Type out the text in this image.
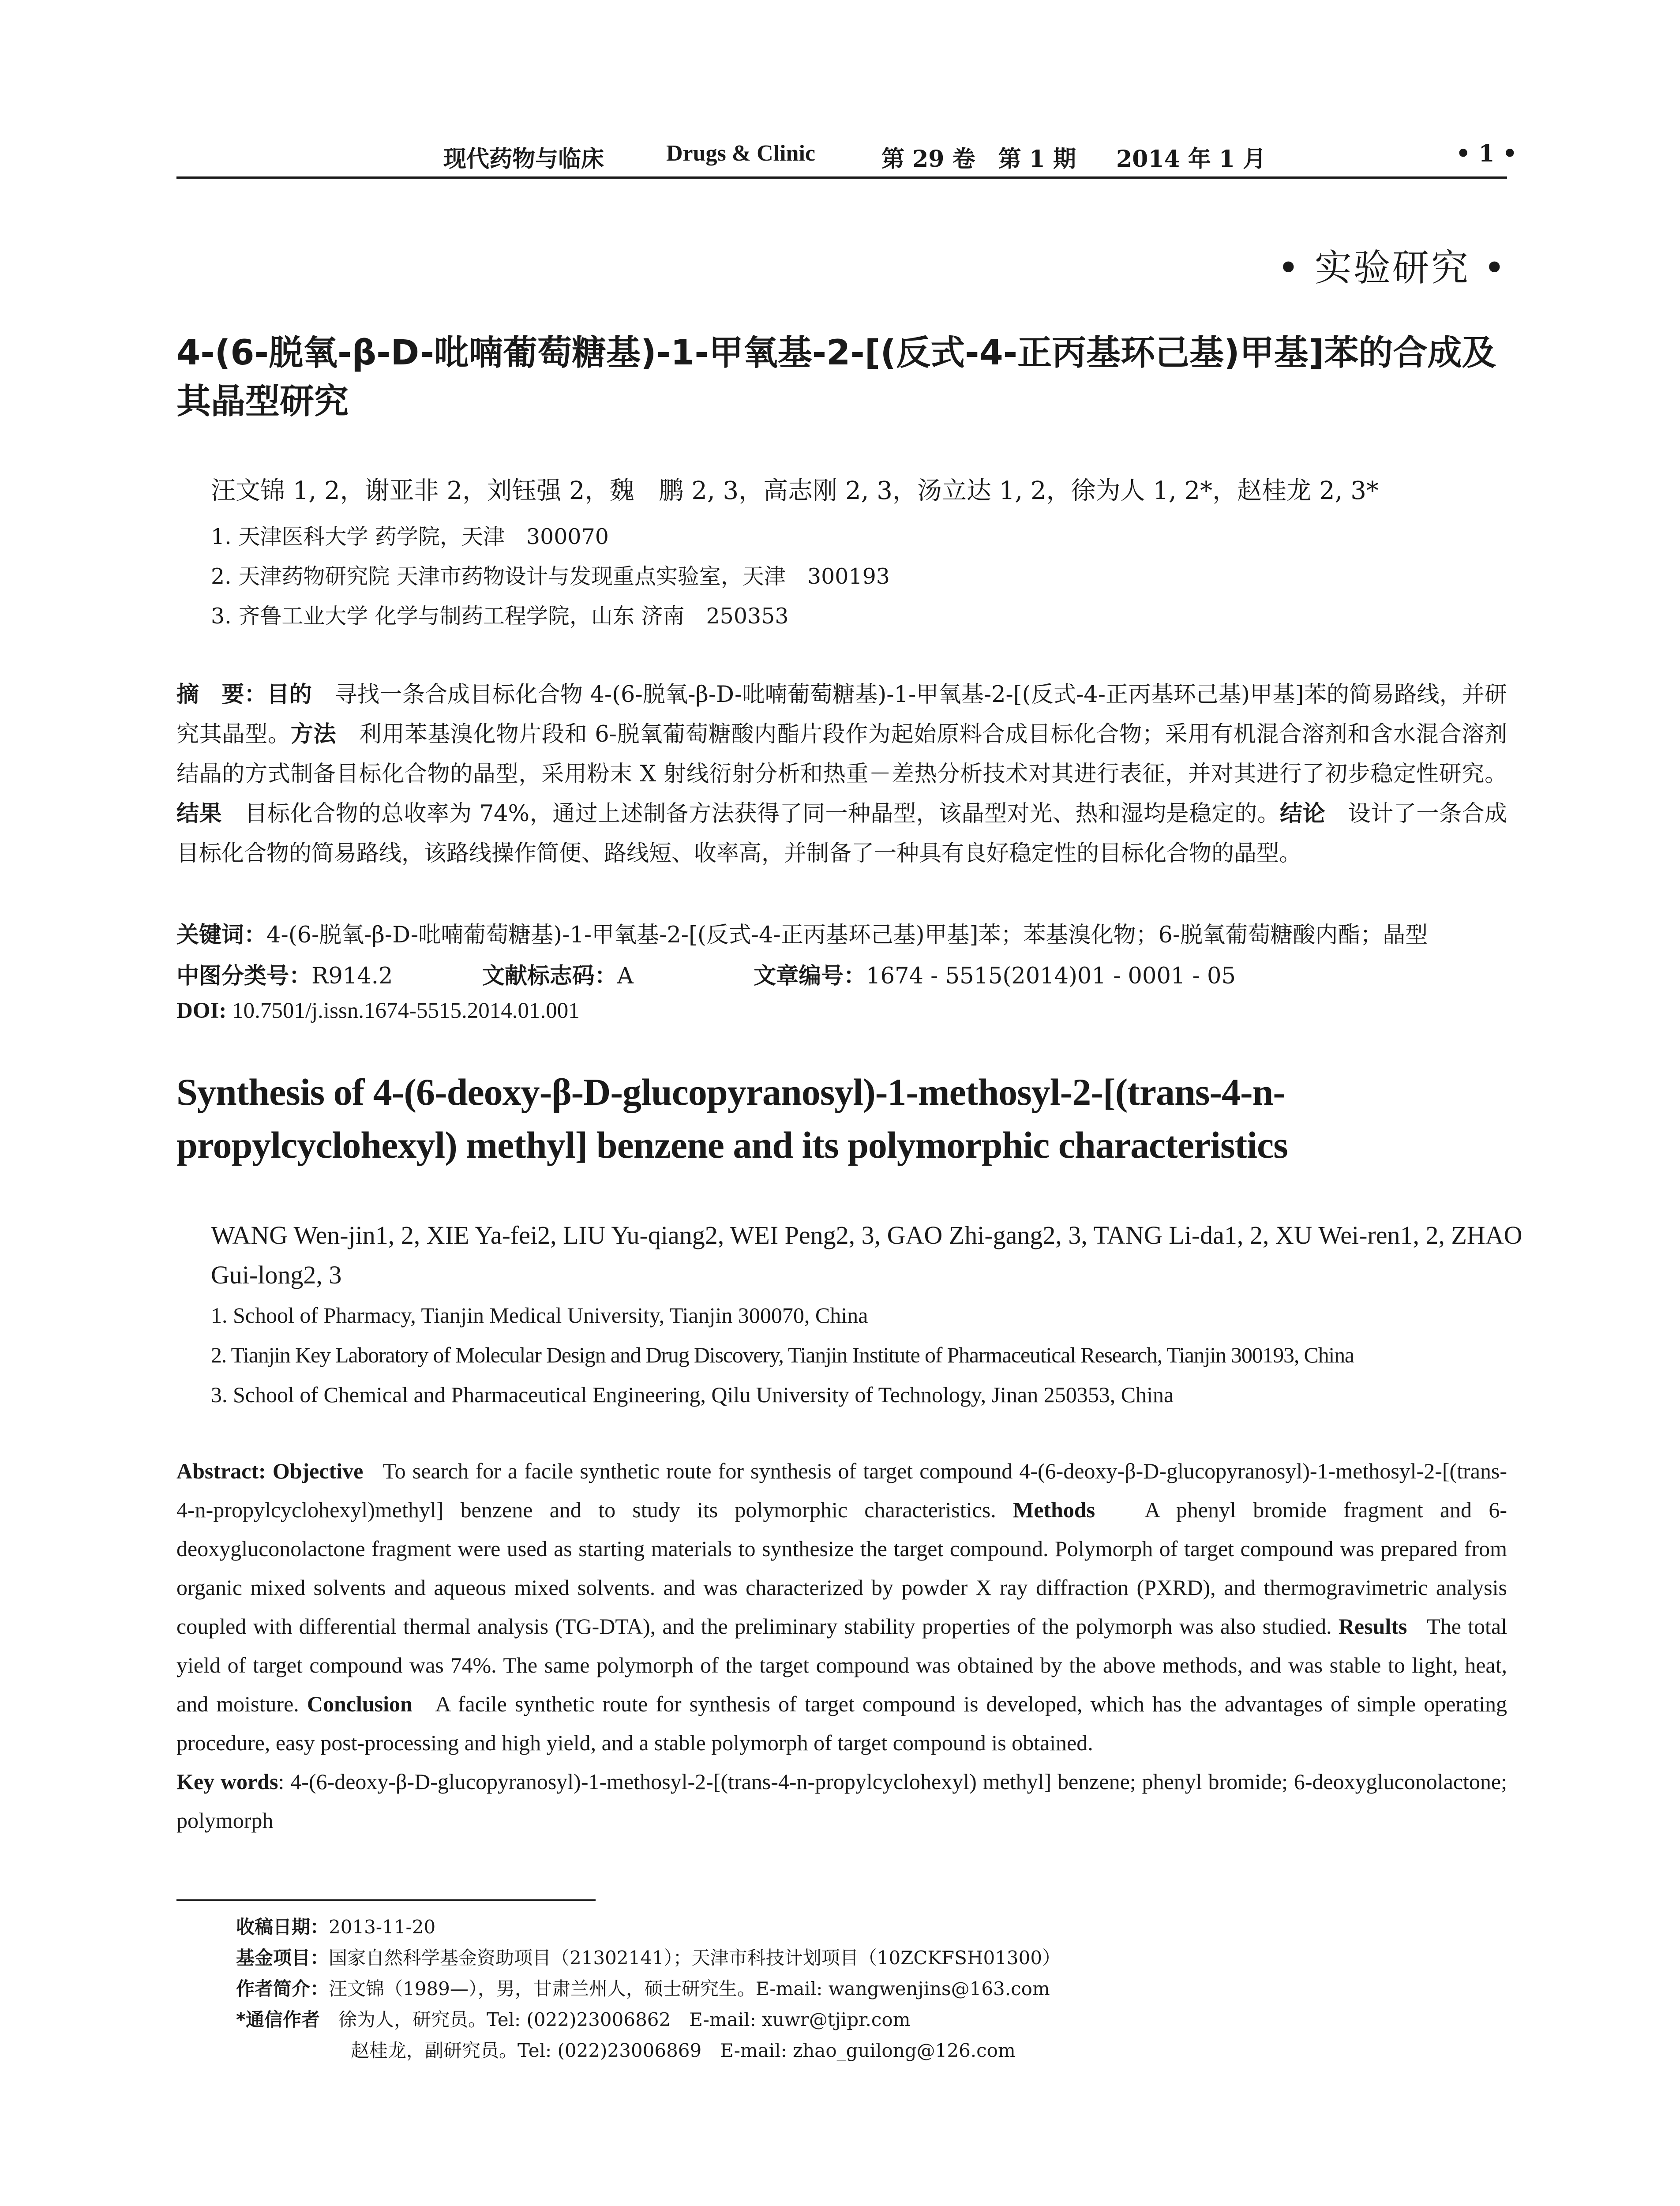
现代药物与临床	Drugs & Clinic	第 29 卷　第 1 期 2014 年 1 月	• 1 •
• 实验研究 •
4-(6-脱氧-β-D-吡喃葡萄糖基)-1-甲氧基-2-[(反式-4-正丙基环己基)甲基]苯的合成及其晶型研究
汪文锦 1, 2，谢亚非 2，刘钰强 2，魏　鹏 2, 3，高志刚 2, 3，汤立达 1, 2，徐为人 1, 2*，赵桂龙 2, 3*
1. 天津医科大学 药学院，天津　300070
2. 天津药物研究院 天津市药物设计与发现重点实验室，天津　300193
3. 齐鲁工业大学 化学与制药工程学院，山东 济南　250353
摘　要：目的　 寻找一条合成目标化合物 4-(6-脱氧-β-D-吡喃葡萄糖基)-1-甲氧基-2-[(反式-4-正丙基环己基)甲基]苯的简易路线，并研究其晶型。方法　 利用苯基溴化物片段和 6-脱氧葡萄糖酸内酯片段作为起始原料合成目标化合物；采用有机混合溶剂和含水混合溶剂结晶的方式制备目标化合物的晶型，采用粉末 X 射线衍射分析和热重－差热分析技术对其进行表征，并对其进行了初步稳定性研究。结果　 目标化合物的总收率为 74%，通过上述制备方法获得了同一种晶型，该晶型对光、热和湿均是稳定的。结论　 设计了一条合成目标化合物的简易路线，该路线操作简便、路线短、收率高，并制备了一种具有良好稳定性的目标化合物的晶型。
关键词：4-(6-脱氧-β-D-吡喃葡萄糖基)-1-甲氧基-2-[(反式-4-正丙基环己基)甲基]苯；苯基溴化物；6-脱氧葡萄糖酸内酯；晶型
中图分类号：R914.2	文献标志码：A	文章编号：1674 - 5515(2014)01 - 0001 - 05
DOI: 10.7501/j.issn.1674-5515.2014.01.001
Synthesis of 4-(6-deoxy-β-D-glucopyranosyl)-1-methosyl-2-[(trans-4-n- propylcyclohexyl) methyl] benzene and its polymorphic characteristics
WANG Wen-jin1, 2, XIE Ya-fei2, LIU Yu-qiang2, WEI Peng2, 3, GAO Zhi-gang2, 3, TANG Li-da1, 2, XU Wei-ren1, 2, ZHAO Gui-long2, 3
1. School of Pharmacy, Tianjin Medical University, Tianjin 300070, China
2. Tianjin Key Laboratory of Molecular Design and Drug Discovery, Tianjin Institute of Pharmaceutical Research, Tianjin 300193, China
3. School of Chemical and Pharmaceutical Engineering, Qilu University of Technology, Jinan 250353, China
Abstract: Objective To search for a facile synthetic route for synthesis of target compound 4-(6-deoxy-β-D-glucopyranosyl)-1-methosyl-2-[(trans-4-n-propylcyclohexyl)methyl] benzene and to study its polymorphic characteristics. Methods A phenyl bromide fragment and 6-deoxygluconolactone fragment were used as starting materials to synthesize the target compound. Polymorph of target compound was prepared from organic mixed solvents and aqueous mixed solvents. and was characterized by powder X ray diffraction (PXRD), and thermogravimetric analysis coupled with differential thermal analysis (TG-DTA), and the preliminary stability properties of the polymorph was also studied. Results The total yield of target compound was 74%. The same polymorph of the target compound was obtained by the above methods, and was stable to light, heat, and moisture. Conclusion A facile synthetic route for synthesis of target compound is developed, which has the advantages of simple operating procedure, easy post-processing and high yield, and a stable polymorph of target compound is obtained.
Key words: 4-(6-deoxy-β-D-glucopyranosyl)-1-methosyl-2-[(trans-4-n-propylcyclohexyl) methyl] benzene; phenyl bromide; 6-deoxygluconolactone; polymorph
收稿日期：2013-11-20
基金项目：国家自然科学基金资助项目（21302141）；天津市科技计划项目（10ZCKFSH01300）
作者简介：汪文锦（1989—），男，甘肃兰州人，硕士研究生。E-mail: wangwenjins@163.com
*通信作者　 徐为人，研究员。Tel: (022)23006862　E-mail: xuwr@tjipr.com
赵桂龙，副研究员。Tel: (022)23006869　E-mail: zhao_guilong@126.com
